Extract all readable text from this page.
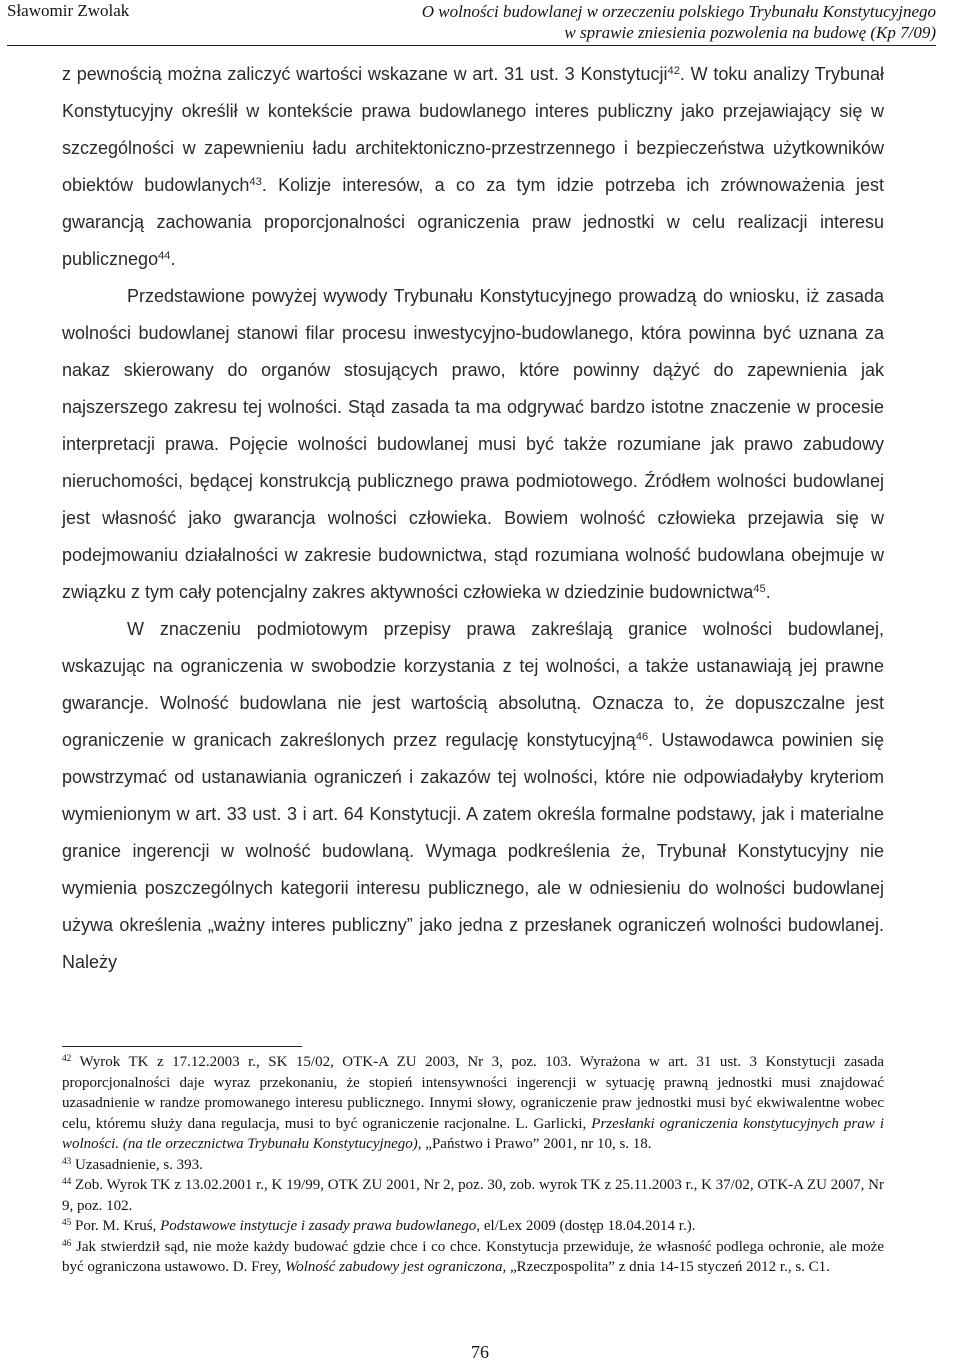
Sławomir Zwolak	O wolności budowlanej w orzeczeniu polskiego Trybunału Konstytucyjnego
w sprawie zniesienia pozwolenia na budowę (Kp 7/09)

z pewnością można zaliczyć wartości wskazane w art. 31 ust. 3 Konstytucji$^{42}$. W toku analizy Trybunał Konstytucyjny określił w kontekście prawa budowlanego interes publiczny jako przejawiający się w szczególności w zapewnieniu ładu architektoniczno-przestrzennego i bezpieczeństwa użytkowników obiektów budowlanych$^{43}$. Kolizje interesów, a co za tym idzie potrzeba ich zrównoważenia jest gwarancją zachowania proporcjonalności ograniczenia praw jednostki w celu realizacji interesu publicznego$^{44}$.

Przedstawione powyżej wywody Trybunału Konstytucyjnego prowadzą do wniosku, iż zasada wolności budowlanej stanowi filar procesu inwestycyjno-budowlanego, która powinna być uznana za nakaz skierowany do organów stosujących prawo, które powinny dążyć do zapewnienia jak najszerszego zakresu tej wolności. Stąd zasada ta ma odgrywać bardzo istotne znaczenie w procesie interpretacji prawa. Pojęcie wolności budowlanej musi być także rozumiane jak prawo zabudowy nieruchomości, będącej konstrukcją publicznego prawa podmiotowego. Źródłem wolności budowlanej jest własność jako gwarancja wolności człowieka. Bowiem wolność człowieka przejawia się w podejmowaniu działalności w zakresie budownictwa, stąd rozumiana wolność budowlana obejmuje w związku z tym cały potencjalny zakres aktywności człowieka w dziedzinie budownictwa$^{45}$.

W znaczeniu podmiotowym przepisy prawa zakreślają granice wolności budowlanej, wskazując na ograniczenia w swobodzie korzystania z tej wolności, a także ustanawiają jej prawne gwarancje. Wolność budowlana nie jest wartością absolutną. Oznacza to, że dopuszczalne jest ograniczenie w granicach zakreślonych przez regulację konstytucyjną$^{46}$. Ustawodawca powinien się powstrzymać od ustanawiania ograniczeń i zakazów tej wolności, które nie odpowiadałyby kryteriom wymienionym w art. 33 ust. 3 i art. 64 Konstytucji. A zatem określa formalne podstawy, jak i materialne granice ingerencji w wolność budowlaną. Wymaga podkreślenia że, Trybunał Konstytucyjny nie wymienia poszczególnych kategorii interesu publicznego, ale w odniesieniu do wolności budowlanej używa określenia „ważny interes publiczny” jako jedna z przesłanek ograniczeń wolności budowlanej. Należy

$^{42}$ Wyrok TK z 17.12.2003 r., SK 15/02, OTK-A ZU 2003, Nr 3, poz. 103. Wyrażona w art. 31 ust. 3 Konstytucji zasada proporcjonalności daje wyraz przekonaniu, że stopień intensywności ingerencji w sytuację prawną jednostki musi znajdować uzasadnienie w randze promowanego interesu publicznego. Innymi słowy, ograniczenie praw jednostki musi być ekwiwalentne wobec celu, któremu służy dana regulacja, musi to być ograniczenie racjonalne. L. Garlicki, Przesłanki ograniczenia konstytucyjnych praw i wolności. (na tle orzecznictwa Trybunału Konstytucyjnego), „Państwo i Prawo” 2001, nr 10, s. 18.

$^{43}$ Uzasadnienie, s. 393.

$^{44}$ Zob. Wyrok TK z 13.02.2001 r., K 19/99, OTK ZU 2001, Nr 2, poz. 30, zob. wyrok TK z 25.11.2003 r., K 37/02, OTK-A ZU 2007, Nr 9, poz. 102.

$^{45}$ Por. M. Kruś, Podstawowe instytucje i zasady prawa budowlanego, el/Lex 2009 (dostęp 18.04.2014 r.).

$^{46}$ Jak stwierdził sąd, nie może każdy budować gdzie chce i co chce. Konstytucja przewiduje, że własność podlega ochronie, ale może być ograniczona ustawowo. D. Frey, Wolność zabudowy jest ograniczona, „Rzeczpospolita” z dnia 14-15 styczeń 2012 r., s. C1.

76
